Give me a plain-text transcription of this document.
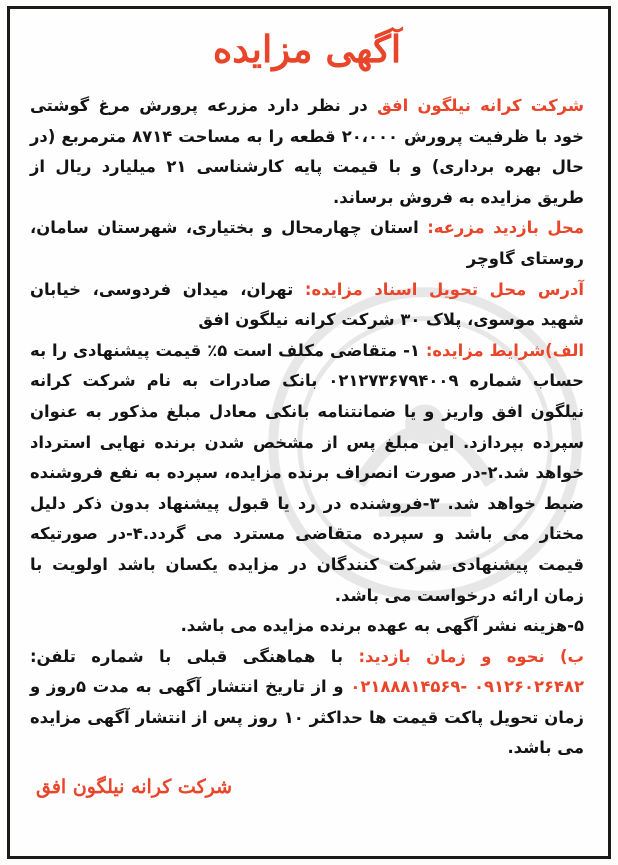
آگهی مزایده

شرکت کرانه نیلگون افق در نظر دارد مزرعه پرورش مرغ گوشتی خود با ظرفیت پرورش ۲۰،۰۰۰ قطعه را به مساحت ۸۷۱۴ مترمربع (در حال بهره برداری) و با قیمت پایه کارشناسی ۲۱ میلیارد ریال از طریق مزایده به فروش برساند.

محل بازدید مزرعه: استان چهارمحال و بختیاری، شهرستان سامان، روستای گاوچر

آدرس محل تحویل اسناد مزایده: تهران، میدان فردوسی، خیابان شهید موسوی، پلاک ۳۰ شرکت کرانه نیلگون افق

الف)شرایط مزایده: ۱- متقاضی مکلف است ۵٪ قیمت پیشنهادی را به حساب شماره ۰۲۱۲۷۳۶۷۹۴۰۰۹ بانک صادرات به نام شرکت کرانه نیلگون افق واریز و یا ضمانتنامه بانکی معادل مبلغ مذکور به عنوان سپرده بپردازد. این مبلغ پس از مشخص شدن برنده نهایی استرداد خواهد شد.۲-در صورت انصراف برنده مزایده، سپرده به نفع فروشنده ضبط خواهد شد. ۳-فروشنده در رد یا قبول پیشنهاد بدون ذکر دلیل مختار می باشد و سپرده متقاضی مسترد می گردد.۴-در صورتیکه قیمت پیشنهادی شرکت کنندگان در مزایده یکسان باشد اولویت با زمان ارائه درخواست می باشد.

۵-هزینه نشر آگهی به عهده برنده مزایده می باشد.

ب) نحوه و زمان بازدید: با هماهنگی قبلی با شماره تلفن: ۰۹۱۲۶۰۲۶۴۸۲ -۰۲۱۸۸۸۱۴۵۶۹ و از تاریخ انتشار آگهی به مدت ۵روز و زمان تحویل پاکت قیمت ها حداکثر ۱۰ روز پس از انتشار آگهی مزایده می باشد.

شرکت کرانه نیلگون افق
